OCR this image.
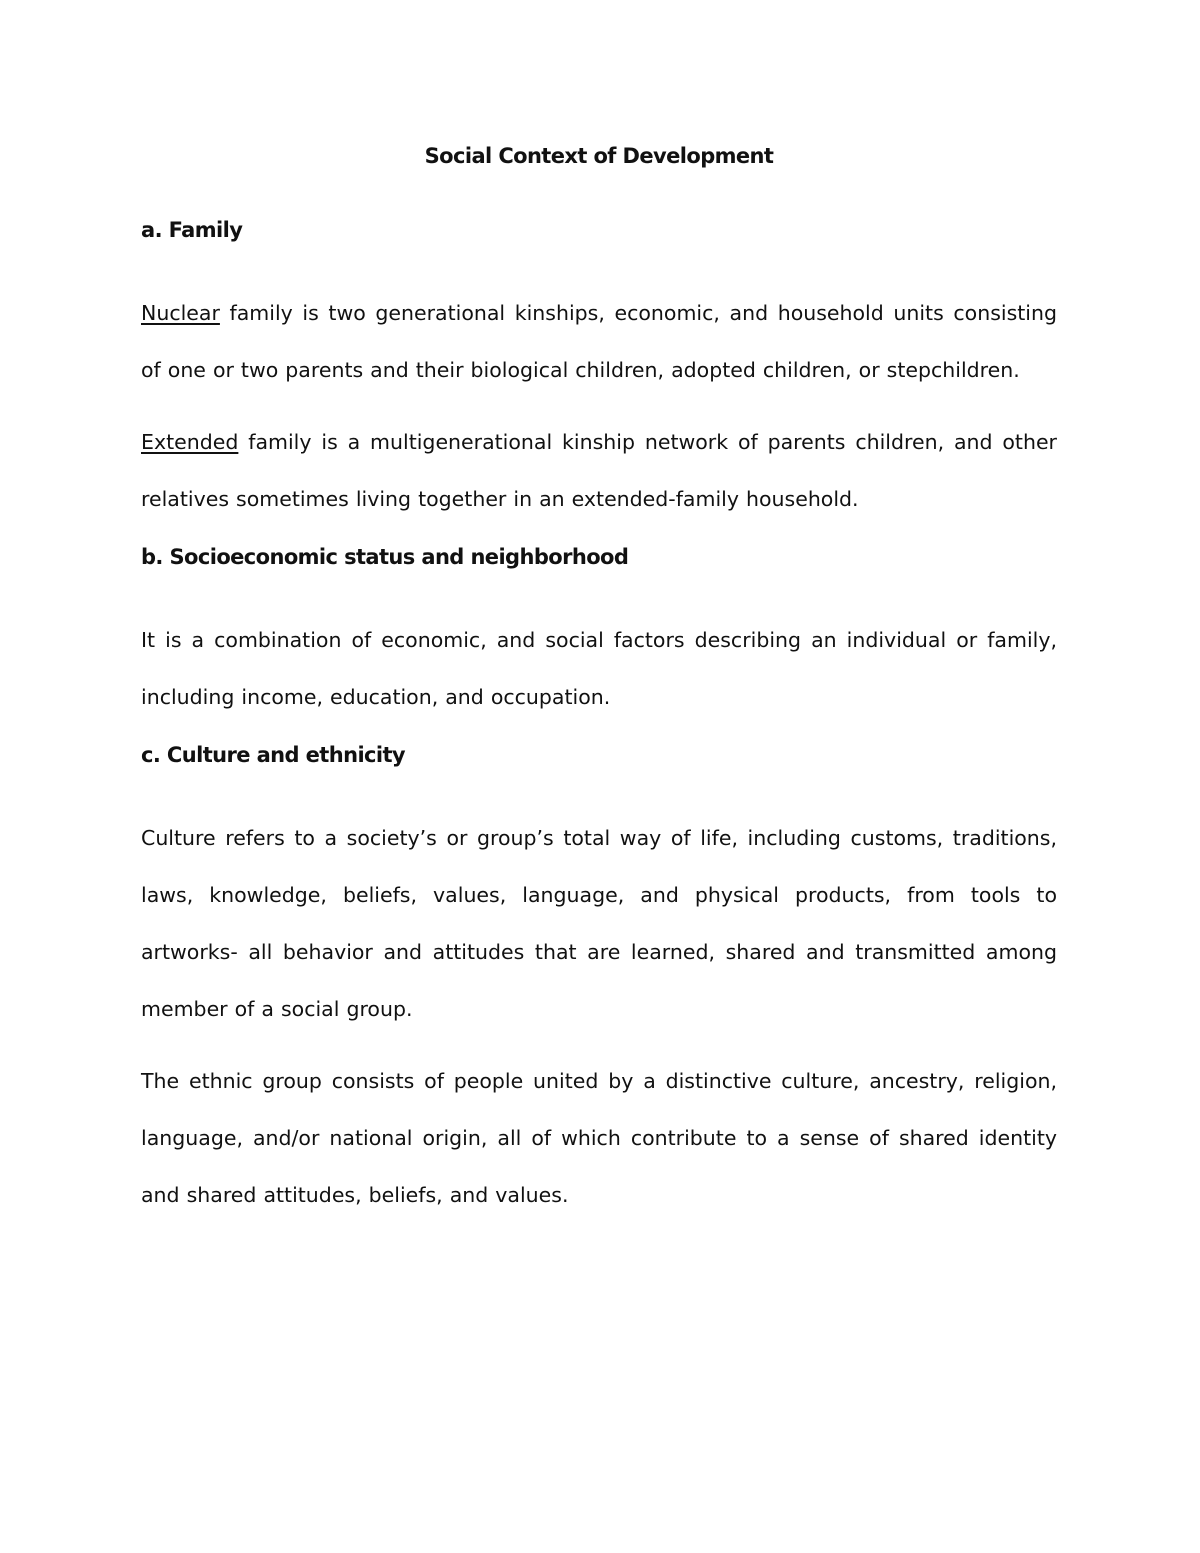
Social Context of Development
a. Family

Nuclear family is two generational kinships, economic, and household units consisting of one or two parents and their biological children, adopted children, or stepchildren.

Extended family is a multigenerational kinship network of parents children, and other relatives sometimes living together in an extended-family household.

b. Socioeconomic status and neighborhood

It is a combination of economic, and social factors describing an individual or family, including income, education, and occupation.

c. Culture and ethnicity

Culture refers to a society’s or group’s total way of life, including customs, traditions, laws, knowledge, beliefs, values, language, and physical products, from tools to artworks- all behavior and attitudes that are learned, shared and transmitted among member of a social group.

The ethnic group consists of people united by a distinctive culture, ancestry, religion, language, and/or national origin, all of which contribute to a sense of shared identity and shared attitudes, beliefs, and values.
